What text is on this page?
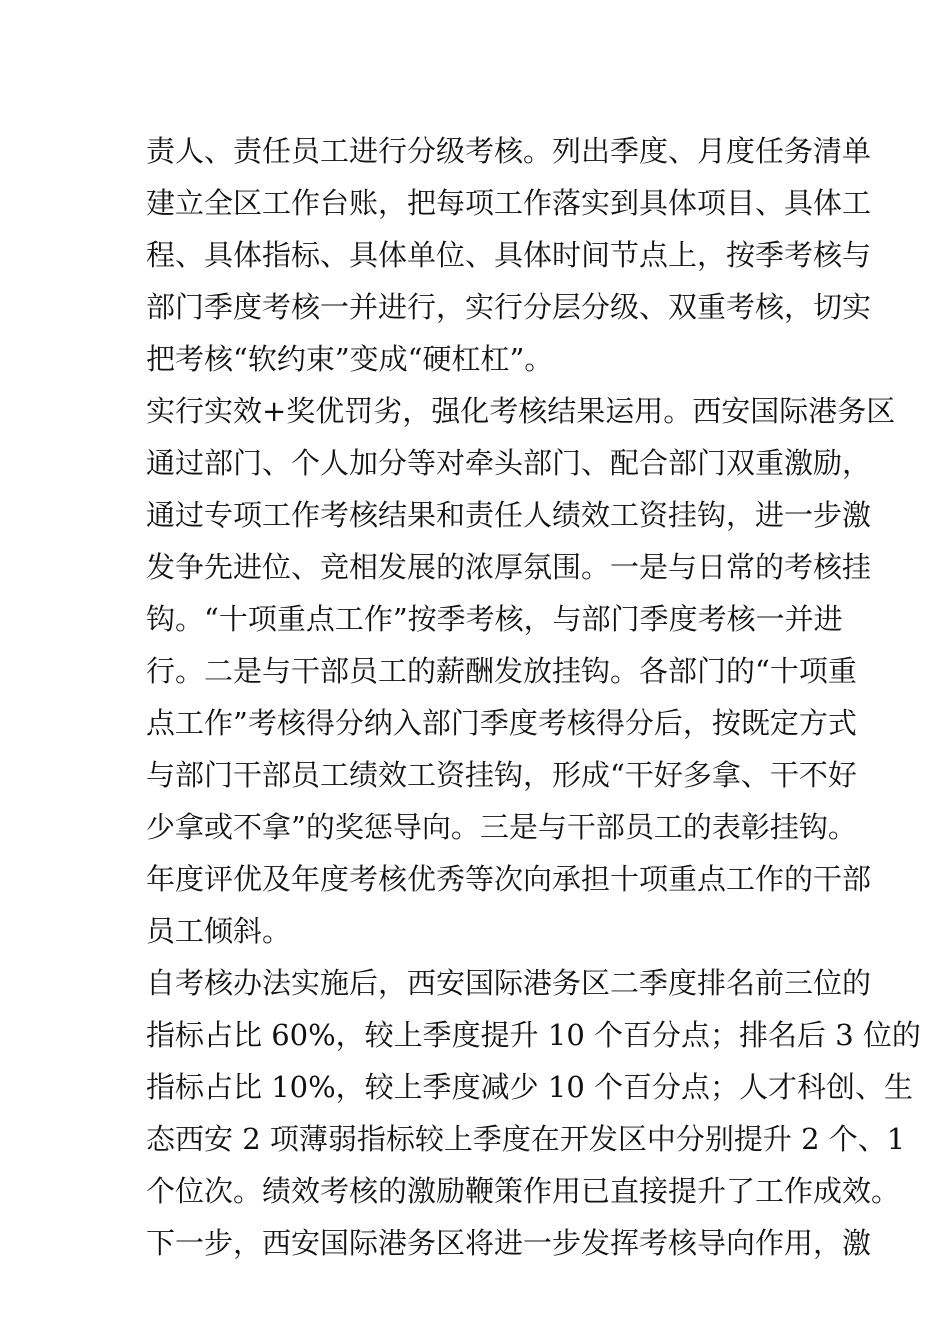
责人、责任员工进行分级考核。列出季度、月度任务清单
建立全区工作台账，把每项工作落实到具体项目、具体工
程、具体指标、具体单位、具体时间节点上，按季考核与
部门季度考核一并进行，实行分层分级、双重考核，切实
把考核“软约束”变成“硬杠杠”。
实行实效+奖优罚劣，强化考核结果运用。西安国际港务区
通过部门、个人加分等对牵头部门、配合部门双重激励，
通过专项工作考核结果和责任人绩效工资挂钩，进一步激
发争先进位、竞相发展的浓厚氛围。一是与日常的考核挂
钩。“十项重点工作”按季考核，与部门季度考核一并进
行。二是与干部员工的薪酬发放挂钩。各部门的“十项重
点工作”考核得分纳入部门季度考核得分后，按既定方式
与部门干部员工绩效工资挂钩，形成“干好多拿、干不好
少拿或不拿”的奖惩导向。三是与干部员工的表彰挂钩。
年度评优及年度考核优秀等次向承担十项重点工作的干部
员工倾斜。
自考核办法实施后，西安国际港务区二季度排名前三位的
指标占比 60%，较上季度提升 10 个百分点；排名后 3 位的
指标占比 10%，较上季度减少 10 个百分点；人才科创、生
态西安 2 项薄弱指标较上季度在开发区中分别提升 2 个、1
个位次。绩效考核的激励鞭策作用已直接提升了工作成效。
下一步，西安国际港务区将进一步发挥考核导向作用，激
